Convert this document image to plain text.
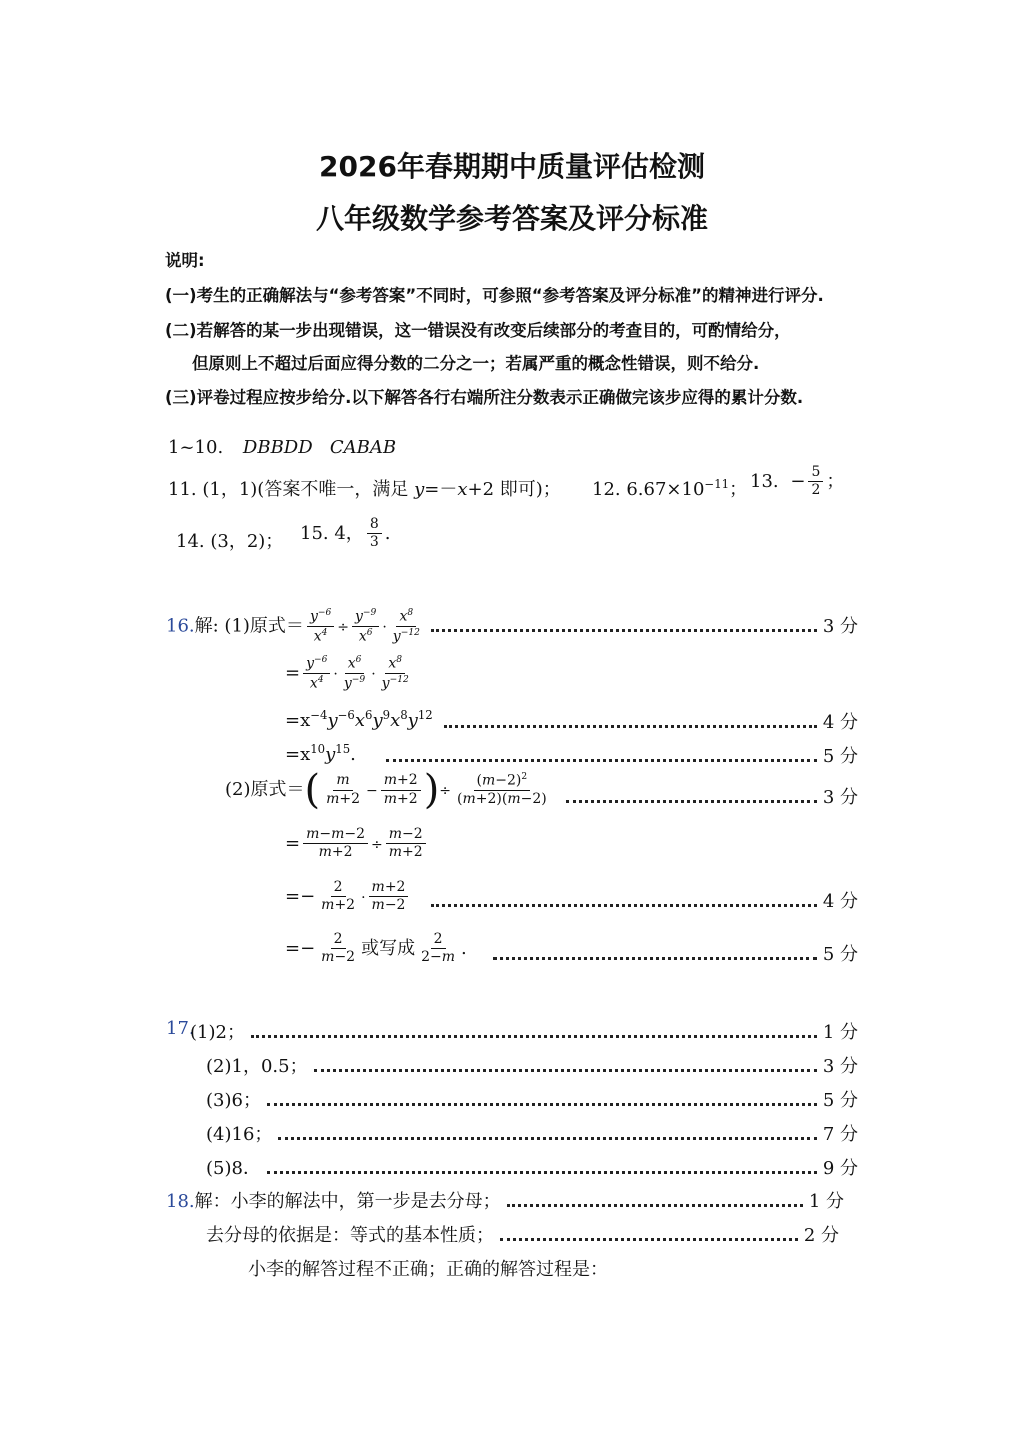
2026年春期期中质量评估检测
八年级数学参考答案及评分标准
说明:
(一)考生的正确解法与“参考答案”不同时，可参照“参考答案及评分标准”的精神进行评分.
(二)若解答的某一步出现错误，这一错误没有改变后续部分的考查目的，可酌情给分，
但原则上不超过后面应得分数的二分之一；若属严重的概念性错误，则不给分.
(三)评卷过程应按步给分.以下解答各行右端所注分数表示正确做完该步应得的累计分数.
1~10. DBBDD   CABAB
11. (1，1)(答案不唯一，满足 y=－x+2 即可)； 12. $6.67\times 10^{-11}$； 13. − $\frac{5}{2}$ ；
14. (3，2)； 15. 4， $\frac{8}{3}$ .
16.解: (1)原式＝ $\frac{y^{-6}}{x^4} \div \frac{y^{-9}}{x^6} \cdot \frac{x^8}{y^{-12}}$	3 分
= $\frac{y^{-6}}{x^4} \cdot \frac{x^6}{y^{-9}} \cdot \frac{x^8}{y^{-12}}$
$=x^{-4}y^{-6}x^6y^9x^8y^{12}$	4 分
$=x^{10}y^{15}$.	5 分
(2)原式＝( $\frac{m}{m+2} - \frac{m+2}{m+2}$ )÷ $\frac{(m-2)^2}{(m+2)(m-2)}$	3 分
= $\frac{m-m-2}{m+2} \div \frac{m-2}{m+2}$
=− $\frac{2}{m+2} \cdot \frac{m+2}{m-2}$	4 分
=− $\frac{2}{m-2}$ 或写成 $\frac{2}{2-m}$ .	5 分
17.
(1)2；	1 分
(2)1，0.5；	3 分
(3)6；	5 分
(4)16；	7 分
(5)8．	9 分
18. 解：小李的解法中，第一步是去分母；	1 分
去分母的依据是：等式的基本性质；	2 分
小李的解答过程不正确；正确的解答过程是：
